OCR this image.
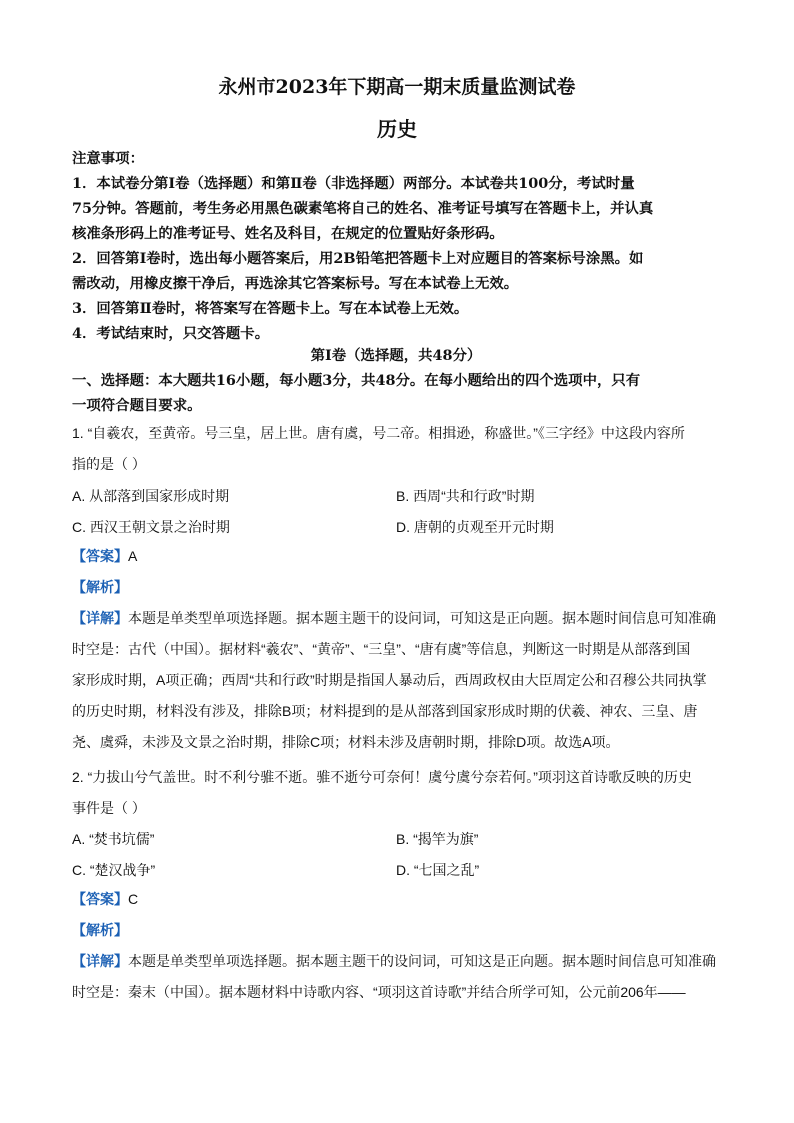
永州市2023年下期高一期末质量监测试卷
历史

注意事项：

1．本试卷分第Ⅰ卷（选择题）和第Ⅱ卷（非选择题）两部分。本试卷共100分，考试时量

75分钟。答题前，考生务必用黑色碳素笔将自己的姓名、准考证号填写在答题卡上，并认真

核准条形码上的准考证号、姓名及科目，在规定的位置贴好条形码。

2．回答第Ⅰ卷时，选出每小题答案后，用2B铅笔把答题卡上对应题目的答案标号涂黑。如

需改动，用橡皮擦干净后，再选涂其它答案标号。写在本试卷上无效。

3．回答第Ⅱ卷时，将答案写在答题卡上。写在本试卷上无效。

4．考试结束时，只交答题卡。

第Ⅰ卷（选择题，共48分）
一、选择题：本大题共16小题，每小题3分，共48分。在每小题给出的四个选项中，只有
一项符合题目要求。

1. “自羲农，至黄帝。号三皇，居上世。唐有虞，号二帝。相揖逊，称盛世。”《三字经》中这段内容所

指的是（ ）

A. 从部落到国家形成时期	B. 西周“共和行政”时期
C. 西汉王朝文景之治时期	D. 唐朝的贞观至开元时期
【答案】A
【解析】

【详解】本题是单类型单项选择题。据本题主题干的设问词，可知这是正向题。据本题时间信息可知准确

时空是：古代（中国）。据材料“羲农”、“黄帝”、“三皇”、“唐有虞”等信息，判断这一时期是从部落到国

家形成时期，A项正确；西周“共和行政”时期是指国人暴动后，西周政权由大臣周定公和召穆公共同执掌

的历史时期，材料没有涉及，排除B项；材料提到的是从部落到国家形成时期的伏羲、神农、三皇、唐

尧、虞舜，未涉及文景之治时期，排除C项；材料未涉及唐朝时期，排除D项。故选A项。

2. “力拔山兮气盖世。时不利兮骓不逝。骓不逝兮可奈何！虞兮虞兮奈若何。”项羽这首诗歌反映的历史

事件是（ ）

A. “焚书坑儒”	B. “揭竿为旗”
C. “楚汉战争”	D. “七国之乱”
【答案】C
【解析】

【详解】本题是单类型单项选择题。据本题主题干的设问词，可知这是正向题。据本题时间信息可知准确

时空是：秦末（中国）。据本题材料中诗歌内容、“项羽这首诗歌”并结合所学可知，公元前206年——
